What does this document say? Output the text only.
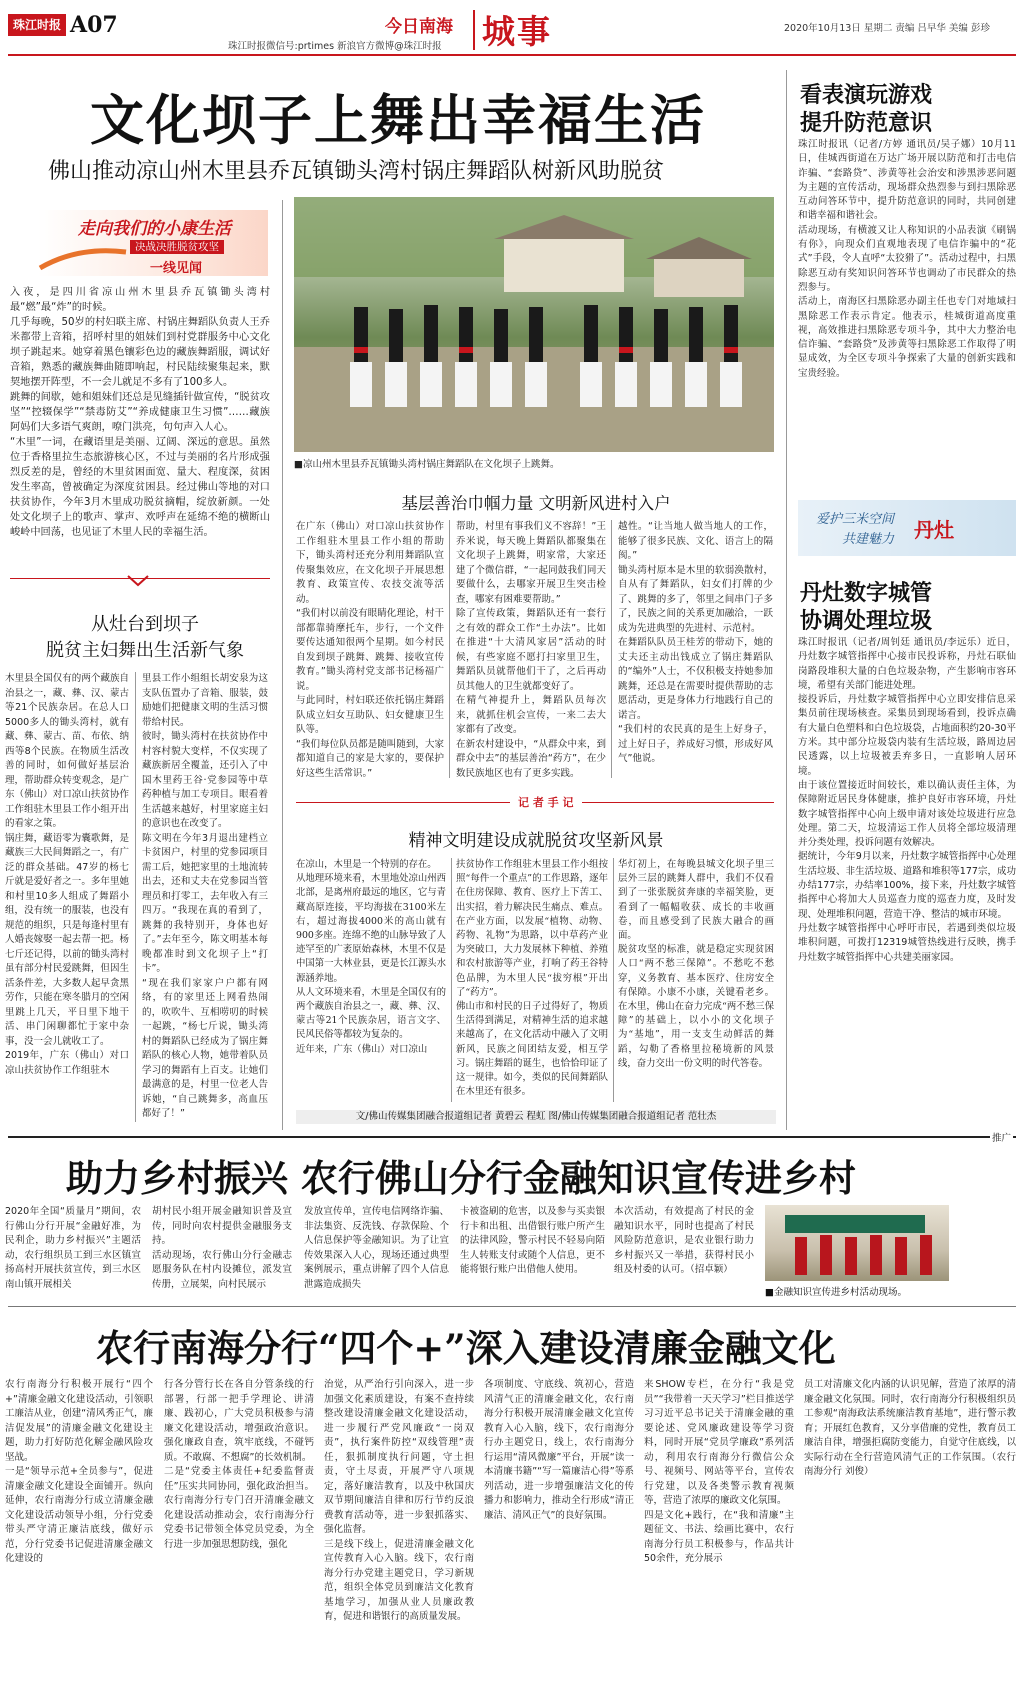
珠江时报 A07
珠江时报微信号:prtimes 新浪官方微博@珠江时报
今日南海 城事	2020年10月13日 星期二 责编 吕早华 美编 彭珍
文化坝子上舞出幸福生活
佛山推动凉山州木里县乔瓦镇锄头湾村锅庄舞蹈队树新风助脱贫
走向我们的小康生活
决战决胜脱贫攻坚
一线见闻
入夜，是四川省凉山州木里县乔瓦镇锄头湾村最“燃”最“炸”的时候。
几乎每晚，50岁的村妇联主席、村锅庄舞蹈队负责人王乔米都带上音箱，招呼村里的姐妹们到村党群服务中心文化坝子跳起来。她穿着黑色镶彩色边的藏族舞蹈服，调试好音箱，熟悉的藏族舞曲随即响起，村民陆续聚集起来，默契地摆开阵型，不一会儿就足不多有了100多人。
跳舞的间歇，她和姐妹们还总是见缝插针做宣传，“脱贫攻坚”“控辍保学”“禁毒防艾”“养成健康卫生习惯”……藏族阿妈们大多语气爽朗，嘹门洪亮，句句声入人心。
“木里”一词，在藏语里是美丽、辽阔、深远的意思。虽然位于香格里拉生态旅游核心区，不过与美丽的名片形成强烈反差的是，曾经的木里贫困面宽、量大、程度深，贫困发生率高，曾被确定为深度贫困县。经过佛山等地的对口扶贫协作，今年3月木里成功脱贫摘帽，绽放新颜。一处处文化坝子上的歌声、掌声、欢呼声在延绵不绝的横断山峻岭中回荡，也见证了木里人民的幸福生活。
■凉山州木里县乔瓦镇锄头湾村锅庄舞蹈队在文化坝子上跳舞。
从灶台到坝子
脱贫主妇舞出生活新气象
木里县全国仅有的两个藏族自治县之一，藏、彝、汉、蒙古等21个民族杂居。在总人口5000多人的锄头湾村，就有藏、彝、蒙古、苗、布依、纳西等8个民族。在物质生活改善的同时，如何做好基层治理，帮助群众转变观念，是广东（佛山）对口凉山扶贫协作工作组驻木里县工作小组开出的看家之策。
锅庄舞，藏语零为囊歌舞，是藏族三大民间舞蹈之一，有广泛的群众基础。47岁的杨七斤就是爱好者之一。多年里她和村里10多人组成了舞蹈小组，没有统一的服装，也没有规范的组织，只是每逢村里有人婚丧嫁娶一起去帮一把。杨七斤还记得，以前的锄头湾村虽有部分村民爱跳舞，但因生活条件差，大多数人起早贪黑劳作，只能在寒冬腊月的空闲里跳上几天，平日里下地干活、串门闲聊都忙于家中杂事，没一会儿就收工了。
2019年，广东（佛山）对口凉山扶贫协作工作组驻木
里县工作小组组长胡安泉为这支队伍置办了音箱、服装，鼓励她们把健康文明的生活习惯带给村民。
彼时，锄头湾村在扶贫协作中村容村貌大变样，不仅实现了藏族新居全覆盖，还引入了中国木里药王谷·党参园等中草药种植与加工专项目。眼看着生活越来越好，村里家庭主妇的意识也在改变了。
陈文明在今年3月退出建档立卡贫困户，村里的党参园项目需工后，她把家里的土地流转出去，还和丈夫在党参园当管理员和打零工，去年收入有三四万。“我现在真的看到了，跳舞的我特别开，身体也好了。”去年至今，陈文明基本每晚都准时到文化坝子上“打卡”。
“现在我们家家户户都有网络，有的家里还上网看热闹的，吹吹牛、互相唠叨的时候一起跳，“杨七斤说，锄头湾村的舞蹈队已经成为了锅庄舞蹈队的核心人物，她带着队员学习的舞蹈有上百支。让她们最满意的是，村里一位老人告诉她，“自己跳舞多，高血压都好了！”
基层善治巾帼力量 文明新风进村入户
在广东（佛山）对口凉山扶贫协作工作组驻木里县工作小组的帮助下，锄头湾村还充分利用舞蹈队宣传聚集效应，在文化坝子开展思想教育、政策宣传、农技交流等活动。
“我们村以前没有眼睛化理论，村干部都靠骑摩托车，步行，一个文件要传达通知很两个星期。如今村民自发到坝子跳舞、跳舞、接收宣传教育。”锄头湾村党支部书记杨福广说。
与此同时，村妇联还依托锅庄舞蹈队成立妇女互助队、妇女健康卫生队等。
“我们每位队员都是随叫随到，大家都知道自己的家是大家的，要保护好这些生活常识。”
帮助，村里有事我们义不容辞！”王乔米说，每天晚上舞蹈队都聚集在文化坝子上跳舞，明家常，大家还建了个微信群，“一起同鼓我们同天要做什么，去哪家开展卫生突击检查，哪家有困难要帮助。”
除了宣传政策，舞蹈队还有一套行之有效的群众工作“土办法”。比如在推进“十大清风家居”活动的时候，有些家庭不愿打扫家里卫生，舞蹈队员就帮他们干了，之后再动员其他人的卫生就都变好了。
在精气神提升上，舞蹈队员每次来，就抓住机会宣传，一来二去大家都有了改变。
在新农村建设中，“从群众中来，到群众中去”的基层善治“药方”，在少数民族地区也有了更多实践。
越性。“让当地人做当地人的工作，能够了很多民族、文化、语言上的隔阂。”
锄头湾村原本是木里的软弱涣散村，自从有了舞蹈队，妇女们打牌的少了、跳舞的多了，邻里之间串门子多了，民族之间的关系更加融洽，一跃成为先进典型的先进村、示范村。
在舞蹈队队员王桂芳的带动下，她的丈夫还主动出钱成立了锅庄舞蹈队的“编外”人士，不仅积极支持她参加跳舞，还总是在需要时提供帮助的志愿活动，更是身体力行地践行自己的诺言。
“我们村的农民真的是生上好身子，过上好日子，养成好习惯，形成好风气”他说。
记 者 手 记
精神文明建设成就脱贫攻坚新风景
在凉山，木里是一个特别的存在。
从地理环境来看，木里地处凉山州西北部，是离州府最远的地区，它与青藏高原连接，平均海拔在3100米左右，超过海拔4000米的高山就有900多座。连绵不绝的山脉导致了人迹罕至的广袤原始森林，木里不仅是中国第一大林业县，更是长江源头水源涵养地。
从人文环境来看，木里是全国仅有的两个藏族自治县之一，藏、彝、汉、蒙古等21个民族杂居，语言文字、民风民俗等都较为复杂的。
近年来，广东（佛山）对口凉山
扶贫协作工作组驻木里县工作小组按照“每件一个重点”的工作思路，逐年在住房保障、教育、医疗上下苦工、出实招，着力解决民生痛点、难点。在产业方面，以发展“植物、动物、药物、礼物”为思路，以中草药产业为突破口，大力发展林下种植、养殖和农村旅游等产业，打响了药王谷特色品牌，为木里人民“拔穷根”开出了“药方”。
佛山市和村民的日子过得好了，物质生活得到满足，对精神生活的追求越来越高了，在文化活动中融入了文明新风，民族之间团结友爱，相互学习。锅庄舞蹈的诞生，也恰恰印证了这一规律。如今，类似的民间舞蹈队在木里还有很多。
华灯初上，在每晚县城文化坝子里三层外三层的跳舞人群中，我们不仅看到了一张张脱贫奔康的幸福笑脸，更看到了一幅幅收获、成长的丰收画卷，而且感受到了民族大融合的画面。
脱贫攻坚的标准，就是稳定实现贫困人口“两不愁三保障”。不愁吃不愁穿，义务教育、基本医疗、住房安全有保障。小康不小康，关键看老乡。在木里，佛山在奋力完成“两不愁三保障”的基础上，以小小的文化坝子为“基地”，用一支支生动鲜活的舞蹈，勾勒了香格里拉秘境新的风景线，奋力交出一份文明的时代答卷。
文/佛山传媒集团融合报道组记者 黄碧云 程虹 图/佛山传媒集团融合报道组记者 范壮杰
看表演玩游戏
提升防范意识
珠江时报讯（记者/方婷 通讯员/吴子娜）10月11日，佳城西街道在万达广场开展以防范和打击电信诈骗、“套路贷”、涉黄等社会治安和涉黑涉恶问题为主题的宣传活动，现场群众热烈参与到扫黑除恶互动问答环节中，提升防范意识的同时，共同创建和谐幸福和谐社会。
活动现场，有横渡又让人称知识的小品表演《刷锅有你》，向现众们直观地表现了电信诈骗中的“花式”手段，令人直呼“太狡猾了”。活动过程中，扫黑除恶互动有奖知识问答环节也调动了市民群众的热烈参与。
活动上，南海区扫黑除恶办副主任也专门对地域扫黑除恶工作表示肯定。他表示，桂城街道高度重视，高效推进扫黑除恶专项斗争，其中大力整治电信诈骗、“套路贷”及涉黄等扫黑除恶工作取得了明显成效，为全区专项斗争探索了大量的创新实践和宝贵经验。
爱护三米空间
共建魅力 丹灶
丹灶数字城管
协调处理垃圾
珠江时报讯（记者/周钊廷 通讯员/李远乐）近日，丹灶数字城管指挥中心接市民投诉称，丹灶石联仙岗路段堆积大量的白色垃圾杂物，产生影响市容环境，希望有关部门能进处理。
接投诉后，丹灶数字城管指挥中心立即安排信息采集员前往现场核查。采集员到现场看到，投诉点确有大量白色塑料和白色垃圾袋，占地面积约20-30平方米。其中部分垃圾袋内装有生活垃圾，路周边居民透露，以上垃圾被丢弃多日，一直影响人居环境。
由于该位置接近时间较长，难以确认责任主体，为保障附近居民身体健康，推护良好市容环境，丹灶数字城管指挥中心向上级申请对该处垃圾进行应急处理。第二天，垃圾清运工作人员将全部垃圾清理并分类处理，投诉问题有效解决。
据统计，今年9月以来，丹灶数字城管指挥中心处理生活垃圾、非生活垃圾、道路和堆积等177宗，成功办结177宗，办结率100%，接下来，丹灶数字城管指挥中心将加大人员巡查力度的巡查力度，及时发现、处理堆积问题，营造干净、整洁的城市环境。
丹灶数字城管指挥中心呼吁市民，若遇到类似垃圾堆积问题，可拨打12319城管热线进行反映，携手丹灶数字城管指挥中心共建美丽家园。
推广
助力乡村振兴 农行佛山分行金融知识宣传进乡村
2020年全国“质量月”期间，农行佛山分行开展“金融好准，为民利企，助力乡村振兴”主题活动，农行组织员工到三水区镇宣扬高村开展扶贫宣传，到三水区南山镇开展相关
胡村民小组开展金融知识普及宣传，同时向农村提供金融服务支持。
活动现场，农行佛山分行金融志愿服务队在村内设摊位，派发宣传册，立展架，向村民展示
发放宣传单，宣传电信网络诈骗、非法集资、反洗钱、存款保险、个人信息保护等金融知识。为了让宣传效果深入人心，现场还通过典型案例展示，重点讲解了四个人信息泄露造成损失
卡被盗刷的危害，以及参与买卖银行卡和出租、出借银行账户所产生的法律风险，警示村民不轻易向陌生人转账支付或随个人信息，更不能将银行账户出借他人使用。
本次活动，有效提高了村民的金融知识水平，同时也提高了村民风险防范意识，是农业银行助力乡村振兴又一举措，获得村民小组及村委的认可。（招卓颖）
■金融知识宣传进乡村活动现场。
农行南海分行“四个+”深入建设清廉金融文化
农行南海分行积极开展行“四个+”清廉金融文化建设活动，引领职工廉洁从业，创建“清风秀正气，廉洁促发展”的清廉金融文化建设主题，助力打好防范化解金融风险攻坚战。
一是“领导示范+全员参与”，促进清廉金融文化建设全面铺开。纵向延伸，农行南海分行成立清廉金融文化建设活动领导小组，分行党委带头严守清正廉洁底线，做好示范，分行党委书记促进清廉金融文化建设的
行各分管行长在各自分管条线的行部署，行部一把手学理论、讲清廉、践初心，广大党员积极参与清廉文化建设活动，增强政治意识。强化廉政自查，筑牢底线，不碰钙质。不敢腐、不想腐”的长效机制。
二是“党委主体责任+纪委监督责任”压实共同协同，强化政治担当。农行南海分行专门召开清廉金融文化建设活动推动会，农行南海分行党委书记带领全体党员党委，为全行进一步加强思想防线，强化
治觉，从严治行引向深入，进一步加强文化素质建设，有案不查持续整改建设清廉金融文化建设活动，进一步履行严党风廉政“一岗双责”，执行案件防控“双线管理”责任，狠抓制度执行问题，守土担责，守土尽责，开展严守八项规定，落好廉洁教育，以及中秋国庆双节期间廉洁自律和厉行节约反浪费教育活动等，进一步狠抓落实、强化监督。
三是线下线上，促进清廉金融文化宣传教育入心入脑。线下，农行南海分行办党建主题党日，学习新规范，组织全体党员到廉洁文化教育基地学习，加强从业人员廉政教育，促进和谐银行的高质量发展。
各项制度、守底线、筑初心，营造风清气正的清廉金融文化，农行南海分行积极开展清廉金融文化宣传教育入心入脑，线下，农行南海分行办主题党日，线上，农行南海分行运用“清风微廉”平台，开展“读一本清廉书籍”“写一篇廉洁心得”等系列活动，进一步增强廉洁文化的传播力和影响力，推动全行形成“清正廉洁、清风正气”的良好氛围。
来SHOW专栏，在分行“我是党员”“我带着一天天学习”栏目推送学习习近平总书记关于清廉金融的重要论述、党风廉政建设等学习资料，同时开展“党员学廉政”系列活动，利用农行南海分行微信公众号、视频号、网站等平台，宣传农行党建，以及各类警示教育视频等，营造了浓厚的廉政文化氛围。
四是文化+践行，在“我和清廉”主题征文、书法、绘画比赛中，农行南海分行员工积极参与，作品共计50余件，充分展示
员工对清廉文化内涵的认识见解，营造了浓厚的清廉金融文化氛围。同时，农行南海分行积极组织员工参观“南海政法系统廉洁教育基地”，进行警示教育；开展红色教育，又分享借廉的党性，教育员工廉洁自律，增强拒腐防变能力，自觉守住底线，以实际行动在全行营造风清气正的工作氛围。（农行南海分行 刘俊）
